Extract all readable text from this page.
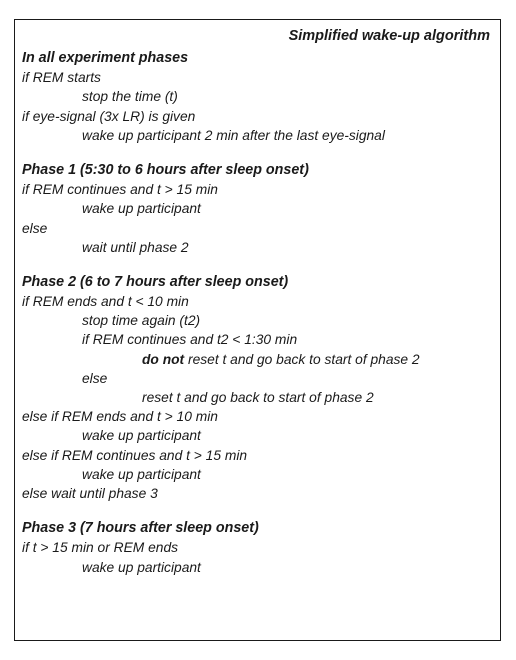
Simplified wake-up algorithm
In all experiment phases
if REM starts
stop the time (t)
if eye-signal (3x LR) is given
wake up participant 2 min after the last eye-signal
Phase 1 (5:30 to 6 hours after sleep onset)
if REM continues and t > 15 min
wake up participant
else
wait until phase 2
Phase 2 (6 to 7 hours after sleep onset)
if REM ends and t < 10 min
stop time again (t2)
if REM continues and t2 < 1:30 min
do not reset t and go back to start of phase 2
else
reset t and go back to start of phase 2
else if REM ends and t > 10 min
wake up participant
else if REM continues and t > 15 min
wake up participant
else wait until phase 3
Phase 3 (7 hours after sleep onset)
if t > 15 min or REM ends
wake up participant
